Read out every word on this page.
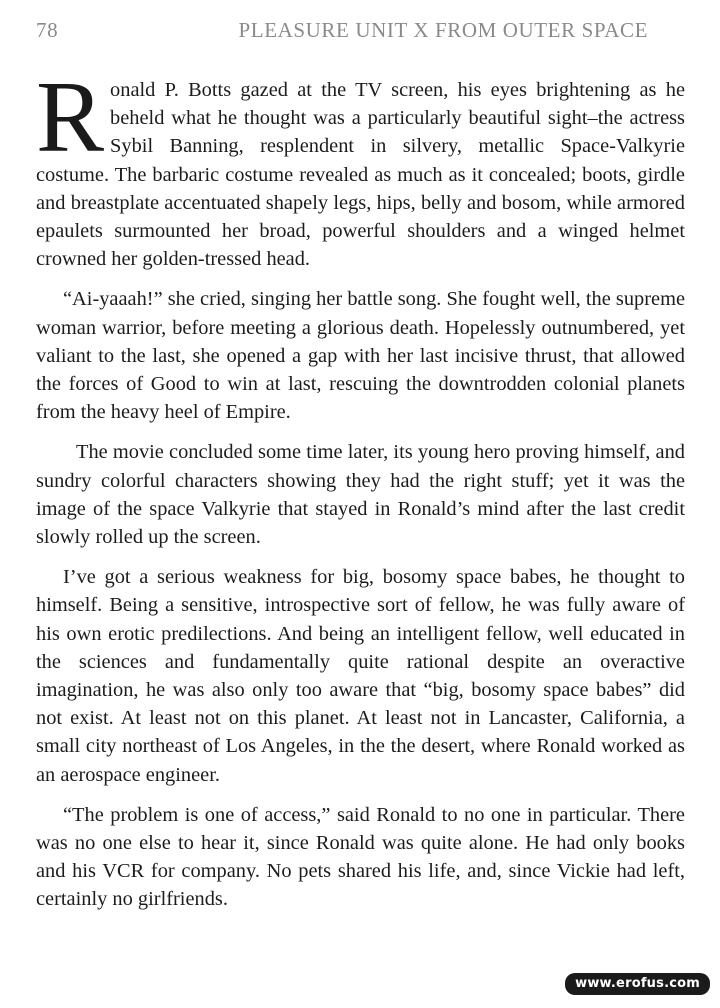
78	PLEASURE UNIT X FROM OUTER SPACE

Ronald P. Botts gazed at the TV screen, his eyes brightening as he beheld what he thought was a particularly beautiful sight–the actress Sybil Banning, resplendent in silvery, metallic Space-Valkyrie costume. The barbaric costume revealed as much as it concealed; boots, girdle and breastplate accentuated shapely legs, hips, belly and bosom, while armored epaulets surmounted her broad, powerful shoulders and a winged helmet crowned her golden-tressed head.

“Ai-yaaah!” she cried, singing her battle song. She fought well, the supreme woman warrior, before meeting a glorious death. Hopelessly outnumbered, yet valiant to the last, she opened a gap with her last incisive thrust, that allowed the forces of Good to win at last, rescuing the downtrodden colonial planets from the heavy heel of Empire.

The movie concluded some time later, its young hero proving himself, and sundry colorful characters showing they had the right stuff; yet it was the image of the space Valkyrie that stayed in Ronald’s mind after the last credit slowly rolled up the screen.

I’ve got a serious weakness for big, bosomy space babes, he thought to himself. Being a sensitive, introspective sort of fellow, he was fully aware of his own erotic predilections. And being an intelligent fellow, well educated in the sciences and fundamentally quite rational despite an overactive imagination, he was also only too aware that “big, bosomy space babes” did not exist. At least not on this planet. At least not in Lancaster, California, a small city northeast of Los Angeles, in the the desert, where Ronald worked as an aerospace engineer.

“The problem is one of access,” said Ronald to no one in particular. There was no one else to hear it, since Ronald was quite alone. He had only books and his VCR for company. No pets shared his life, and, since Vickie had left, certainly no girlfriends.

www.erofus.com
